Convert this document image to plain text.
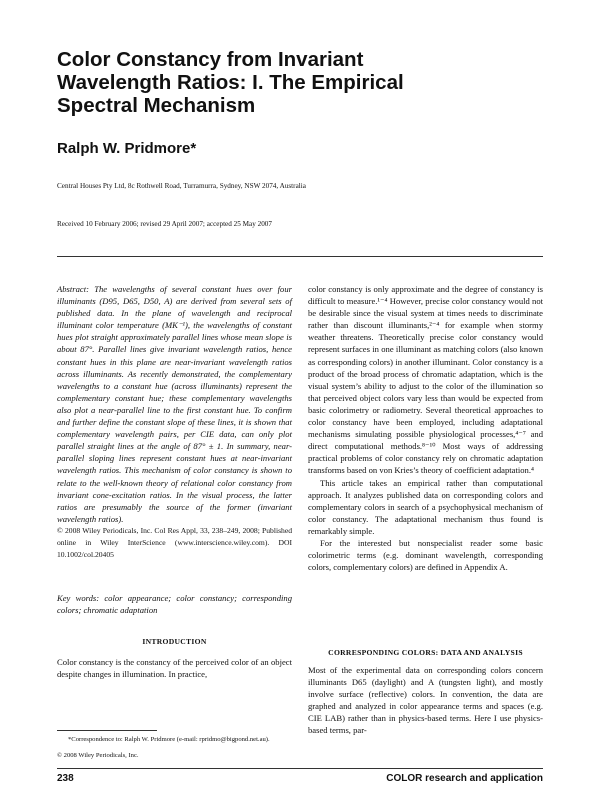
Color Constancy from Invariant
Wavelength Ratios: I. The Empirical
Spectral Mechanism
Ralph W. Pridmore*
Central Houses Pty Ltd, 8c Rothwell Road, Turramurra, Sydney, NSW 2074, Australia
Received 10 February 2006; revised 29 April 2007; accepted 25 May 2007

Abstract: The wavelengths of several constant hues over four illuminants (D95, D65, D50, A) are derived from several sets of published data. In the plane of wavelength and reciprocal illuminant color temperature (MK⁻¹), the wavelengths of constant hues plot straight approximately parallel lines whose mean slope is about 87°. Parallel lines give invariant wavelength ratios, hence constant hues in this plane are near-invariant wavelength ratios across illuminants. As recently demonstrated, the complementary wavelengths to a constant hue (across illuminants) represent the complementary constant hue; these complementary wavelengths also plot a near-parallel line to the first constant hue. To confirm and further define the constant slope of these lines, it is shown that complementary wavelength pairs, per CIE data, can only plot parallel straight lines at the angle of 87° ± 1. In summary, near-parallel sloping lines represent constant hues at near-invariant wavelength ratios. This mechanism of color constancy is shown to relate to the well-known theory of relational color constancy from invariant cone-excitation ratios. In the visual process, the latter ratios are presumably the source of the former (invariant wavelength ratios).

© 2008 Wiley Periodicals, Inc. Col Res Appl, 33, 238–249, 2008; Published online in Wiley InterScience (www.interscience.wiley.com). DOI 10.1002/col.20405

Key words: color appearance; color constancy; corresponding colors; chromatic adaptation
INTRODUCTION
Color constancy is the constancy of the perceived color of an object despite changes in illumination. In practice,
*Correspondence to: Ralph W. Pridmore (e-mail: rpridmo@bigpond.net.au).
© 2008 Wiley Periodicals, Inc.

color constancy is only approximate and the degree of constancy is difficult to measure.¹⁻⁴ However, precise color constancy would not be desirable since the visual system at times needs to discriminate rather than discount illuminants,²⁻⁴ for example when stormy weather threatens. Theoretically precise color constancy would represent surfaces in one illuminant as matching colors (also known as corresponding colors) in another illuminant. Color constancy is a product of the broad process of chromatic adaptation, which is the visual system’s ability to adjust to the color of the illumination so that perceived object colors vary less than would be expected from basic colorimetry or radiometry. Several theoretical approaches to color constancy have been employed, including adaptational mechanisms simulating possible physiological processes,⁴⁻⁷ and direct computational methods.⁸⁻¹⁰ Most ways of addressing practical problems of color constancy rely on chromatic adaptation transforms based on von Kries’s theory of coefficient adaptation.⁴

This article takes an empirical rather than computational approach. It analyzes published data on corresponding colors and complementary colors in search of a psychophysical mechanism of color constancy. The adaptational mechanism thus found is remarkably simple.

For the interested but nonspecialist reader some basic colorimetric terms (e.g. dominant wavelength, corresponding colors, complementary colors) are defined in Appendix A.

CORRESPONDING COLORS: DATA AND ANALYSIS
Most of the experimental data on corresponding colors concern illuminants D65 (daylight) and A (tungsten light), and mostly involve surface (reflective) colors. In convention, the data are graphed and analyzed in color appearance terms and spaces (e.g. CIE LAB) rather than in physics-based terms. Here I use physics-based terms, par-
238	COLOR research and application
